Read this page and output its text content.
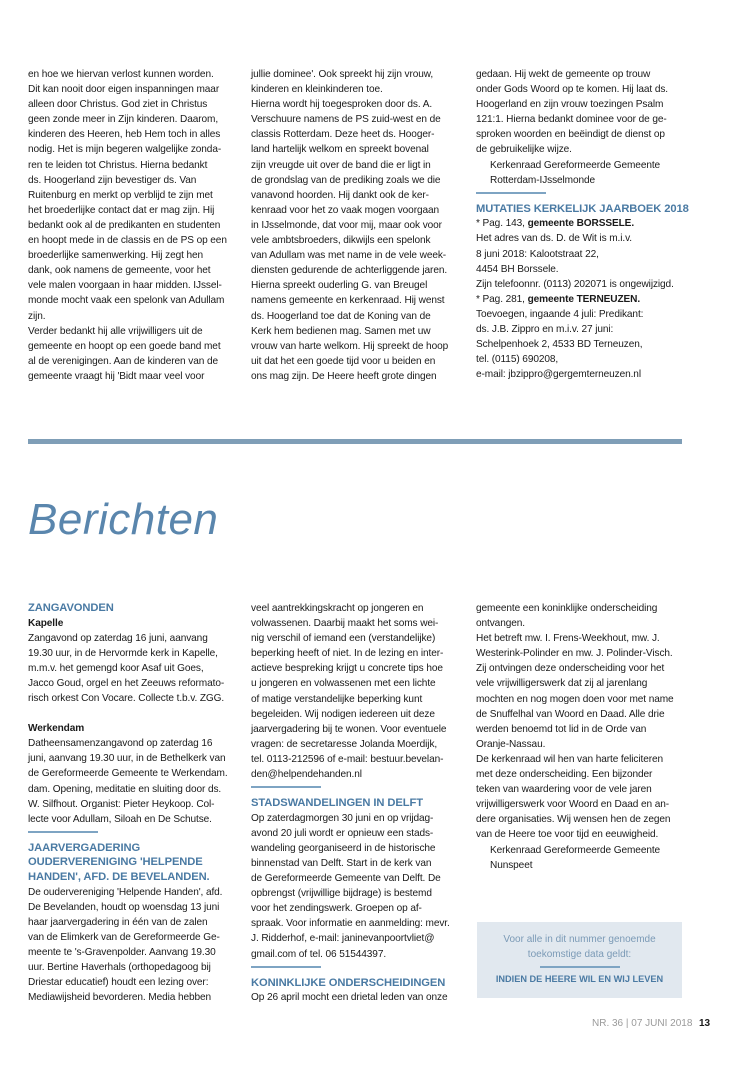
en hoe we hiervan verlost kunnen worden.
Dit kan nooit door eigen inspanningen maar
alleen door Christus. God ziet in Christus
geen zonde meer in Zijn kinderen. Daarom,
kinderen des Heeren, heb Hem toch in alles
nodig. Het is mijn begeren walgelijke zonda-
ren te leiden tot Christus. Hierna bedankt
ds. Hoogerland zijn bevestiger ds. Van
Ruitenburg en merkt op verblijd te zijn met
het broederlijke contact dat er mag zijn. Hij
bedankt ook al de predikanten en studenten
en hoopt mede in de classis en de PS op een
broederlijke samenwerking. Hij zegt hen
dank, ook namens de gemeente, voor het
vele malen voorgaan in haar midden. IJssel-
monde mocht vaak een spelonk van Adullam
zijn.
Verder bedankt hij alle vrijwilligers uit de
gemeente en hoopt op een goede band met
al de verenigingen. Aan de kinderen van de
gemeente vraagt hij 'Bidt maar veel voor
jullie dominee'. Ook spreekt hij zijn vrouw,
kinderen en kleinkinderen toe.
Hierna wordt hij toegesproken door ds. A.
Verschuure namens de PS zuid-west en de
classis Rotterdam. Deze heet ds. Hooger-
land hartelijk welkom en spreekt bovenal
zijn vreugde uit over de band die er ligt in
de grondslag van de prediking zoals we die
vanavond hoorden. Hij dankt ook de ker-
kenraad voor het zo vaak mogen voorgaan
in IJsselmonde, dat voor mij, maar ook voor
vele ambtsbroeders, dikwijls een spelonk
van Adullam was met name in de vele week-
diensten gedurende de achterliggende jaren.
Hierna spreekt ouderling G. van Breugel
namens gemeente en kerkenraad. Hij wenst
ds. Hoogerland toe dat de Koning van de
Kerk hem bedienen mag. Samen met uw
vrouw van harte welkom. Hij spreekt de hoop
uit dat het een goede tijd voor u beiden en
ons mag zijn. De Heere heeft grote dingen
gedaan. Hij wekt de gemeente op trouw
onder Gods Woord op te komen. Hij laat ds.
Hoogerland en zijn vrouw toezingen Psalm
121:1. Hierna bedankt dominee voor de ge-
sproken woorden en beëindigt de dienst op
de gebruikelijke wijze.
Kerkenraad Gereformeerde Gemeente
Rotterdam-IJsselmonde
MUTATIES KERKELIJK JAARBOEK 2018
* Pag. 143, gemeente BORSSELE.
Het adres van ds. D. de Wit is m.i.v.
8 juni 2018: Kalootstraat 22,
4454 BH Borssele.
Zijn telefoonnr. (0113) 202071 is ongewijzigd.
* Pag. 281, gemeente TERNEUZEN.
Toevoegen, ingaande 4 juli: Predikant:
ds. J.B. Zippro en m.i.v. 27 juni:
Schelpenhoek 2, 4533 BD Terneuzen,
tel. (0115) 690208,
e-mail: jbzippro@gergemterneuzen.nl
Berichten
ZANGAVONDEN
Kapelle
Zangavond op zaterdag 16 juni, aanvang
19.30 uur, in de Hervormde kerk in Kapelle,
m.m.v. het gemengd koor Asaf uit Goes,
Jacco Goud, orgel en het Zeeuws reformato-
risch orkest Con Vocare. Collecte t.b.v. ZGG.
Werkendam
Datheensamenzangavond op zaterdag 16
juni, aanvang 19.30 uur, in de Bethelkerk van
de Gereformeerde Gemeente te Werkendam.
dam. Opening, meditatie en sluiting door ds.
W. Silfhout. Organist: Pieter Heykoop. Col-
lecte voor Adullam, Siloah en De Schutse.
JAARVERGADERING
OUDERVERENIGING 'HELPENDE
HANDEN', AFD. DE BEVELANDEN.
De oudervereniging 'Helpende Handen', afd.
De Bevelanden, houdt op woensdag 13 juni
haar jaarvergadering in één van de zalen
van de Elimkerk van de Gereformeerde Ge-
meente te 's-Gravenpolder. Aanvang 19.30
uur. Bertine Haverhals (orthopedagoog bij
Driestar educatief) houdt een lezing over:
Mediawijsheid bevorderen. Media hebben
veel aantrekkingskracht op jongeren en
volwassenen. Daarbij maakt het soms wei-
nig verschil of iemand een (verstandelijke)
beperking heeft of niet. In de lezing en inter-
actieve bespreking krijgt u concrete tips hoe
u jongeren en volwassenen met een lichte
of matige verstandelijke beperking kunt
begeleiden. Wij nodigen iedereen uit deze
jaarvergadering bij te wonen. Voor eventuele
vragen: de secretaresse Jolanda Moerdijk,
tel. 0113-212596 of e-mail: bestuur.bevelan-
den@helpendehanden.nl
STADSWANDELINGEN IN DELFT
Op zaterdagmorgen 30 juni en op vrijdag-
avond 20 juli wordt er opnieuw een stads-
wandeling georganiseerd in de historische
binnenstad van Delft. Start in de kerk van
de Gereformeerde Gemeente van Delft. De
opbrengst (vrijwillige bijdrage) is bestemd
voor het zendingswerk. Groepen op af-
spraak. Voor informatie en aanmelding: mevr.
J. Ridderhof, e-mail: janinevanpoortvliet@
gmail.com of tel. 06 51544397.
KONINKLIJKE ONDERSCHEIDINGEN
Op 26 april mocht een drietal leden van onze
gemeente een koninklijke onderscheiding
ontvangen.
Het betreft mw. I. Frens-Weekhout, mw. J.
Westerink-Polinder en mw. J. Polinder-Visch.
Zij ontvingen deze onderscheiding voor het
vele vrijwilligerswerk dat zij al jarenlang
mochten en nog mogen doen voor met name
de Snuffelhal van Woord en Daad. Alle drie
werden benoemd tot lid in de Orde van
Oranje-Nassau.
De kerkenraad wil hen van harte feliciteren
met deze onderscheiding. Een bijzonder
teken van waardering voor de vele jaren
vrijwilligerswerk voor Woord en Daad en an-
dere organisaties. Wij wensen hen de zegen
van de Heere toe voor tijd en eeuwigheid.
Kerkenraad Gereformeerde Gemeente
Nunspeet
Voor alle in dit nummer genoemde
toekomstige data geldt:
INDIEN DE HEERE WIL EN WIJ LEVEN
NR. 36 | 07 JUNI 2018 13
